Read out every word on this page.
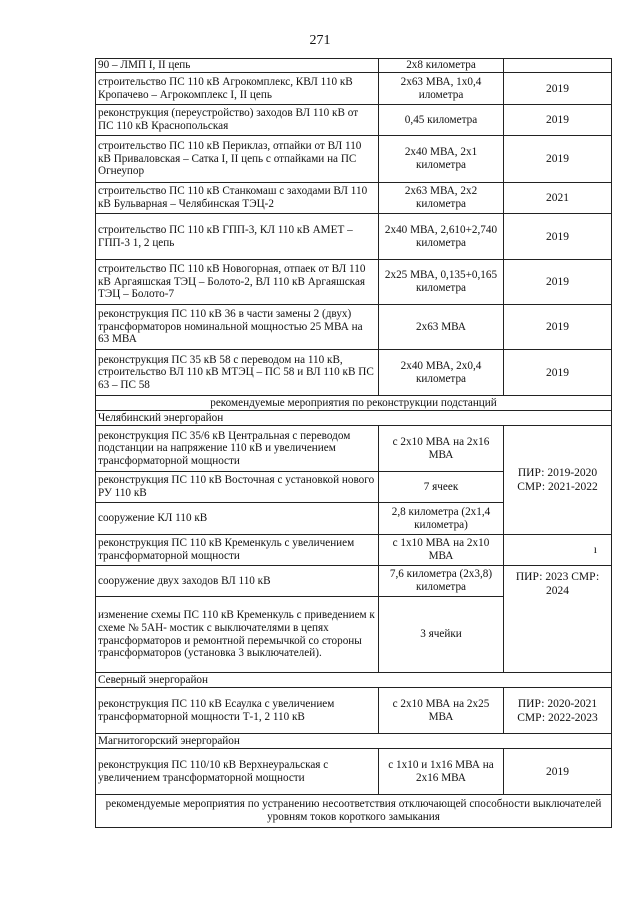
271
90 – ЛМП I, II цепь	2х8 километра	
строительство ПС 110 кВ Агрокомплекс, КВЛ 110 кВ Кропачево – Агрокомплекс I, II цепь	2х63 МВА, 1х0,4 илометра	2019
реконструкция (переустройство) заходов ВЛ 110 кВ от ПС 110 кВ Краснопольская	0,45 километра	2019
строительство ПС 110 кВ Периклаз, отпайки от ВЛ 110 кВ Приваловская – Сатка I, II цепь с отпайками на ПС Огнеупор	2х40 МВА, 2х1 километра	2019
строительство ПС 110 кВ Станкомаш с заходами ВЛ 110 кВ Бульварная – Челябинская ТЭЦ-2	2х63 МВА, 2х2 километра	2021
строительство ПС 110 кВ ГПП-3, КЛ 110 кВ АМЕТ – ГПП-3 1, 2 цепь	2х40 МВА, 2,610+2,740 километра	2019
строительство ПС 110 кВ Новогорная, отпаек от ВЛ 110 кВ Аргаяшская ТЭЦ – Болото-2, ВЛ 110 кВ Аргаяшская ТЭЦ – Болото-7	2х25 МВА, 0,135+0,165 километра	2019
реконструкция ПС 110 кВ 36 в части замены 2 (двух) трансформаторов номинальной мощностью 25 МВА на 63 МВА	2х63 МВА	2019
реконструкция ПС 35 кВ 58 с переводом на 110 кВ, строительство ВЛ 110 кВ МТЭЦ – ПС 58 и ВЛ 110 кВ ПС 63 – ПС 58	2х40 МВА, 2х0,4 километра	2019
рекомендуемые мероприятия по реконструкции подстанций		
Челябинский энергорайон		
реконструкция ПС 35/6 кВ Центральная с переводом подстанции на напряжение 110 кВ и увеличением трансформаторной мощности	с 2х10 МВА на 2х16 МВА	ПИР: 2019-2020 СМР: 2021-2022
реконструкция ПС 110 кВ Восточная с установкой нового РУ 110 кВ	7 ячеек	
сооружение КЛ 110 кВ	2,8 километра (2х1,4 километра)	
реконструкция ПС 110 кВ Кременкуль с увеличением трансформаторной мощности	с 1х10 МВА на 2х10 МВА	ı
сооружение двух заходов ВЛ 110 кВ	7,6 километра (2х3,8) километра	ПИР: 2023 СМР: 2024
изменение схемы ПС 110 кВ Кременкуль с приведением к схеме № 5АН- мостик с выключателями в цепях трансформаторов и ремонтной перемычкой со стороны трансформаторов (установка 3 выключателей).	3 ячейки	
Северный энергорайон		
реконструкция ПС 110 кВ Есаулка с увеличением трансформаторной мощности Т-1, 2 110 кВ	с 2х10 МВА на 2х25 МВА	ПИР: 2020-2021 СМР: 2022-2023
Магнитогорский энергорайон		
реконструкция ПС 110/10 кВ Верхнеуральская с увеличением трансформаторной мощности	с 1х10 и 1х16 МВА на 2х16 МВА	2019
рекомендуемые мероприятия по устранению несоответствия отключающей способности выключателей уровням токов короткого замыкания		
